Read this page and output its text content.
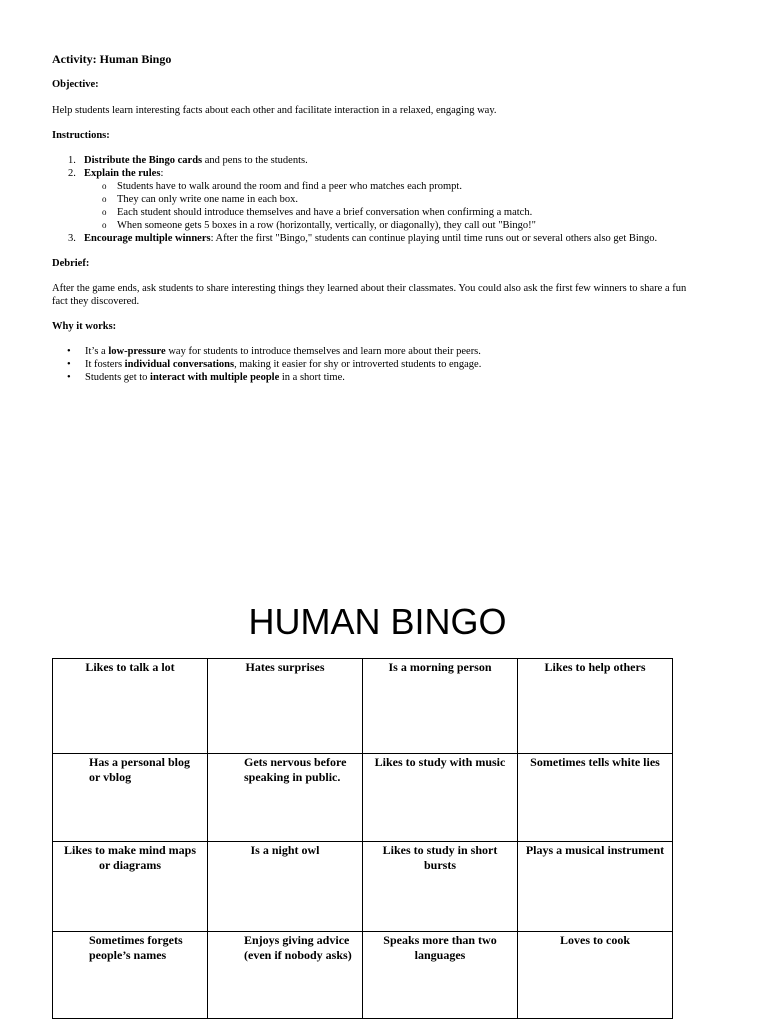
Activity: Human Bingo
Objective:
Help students learn interesting facts about each other and facilitate interaction in a relaxed, engaging way.
Instructions:
1. Distribute the Bingo cards and pens to the students.
2. Explain the rules:
o Students have to walk around the room and find a peer who matches each prompt.
o They can only write one name in each box.
o Each student should introduce themselves and have a brief conversation when confirming a match.
o When someone gets 5 boxes in a row (horizontally, vertically, or diagonally), they call out "Bingo!"
3. Encourage multiple winners: After the first "Bingo," students can continue playing until time runs out or several others also get Bingo.
Debrief:
After the game ends, ask students to share interesting things they learned about their classmates. You could also ask the first few winners to share a fun fact they discovered.
Why it works:
• It’s a low-pressure way for students to introduce themselves and learn more about their peers.
• It fosters individual conversations, making it easier for shy or introverted students to engage.
• Students get to interact with multiple people in a short time.
HUMAN BINGO
Likes to talk a lot	Hates surprises	Is a morning person	Likes to help others
Has a personal blog or vblog	Gets nervous before speaking in public.	Likes to study with music	Sometimes tells white lies
Likes to make mind maps or diagrams	Is a night owl	Likes to study in short bursts	Plays a musical instrument
Sometimes forgets people’s names	Enjoys giving advice (even if nobody asks)	Speaks more than two languages	Loves to cook
